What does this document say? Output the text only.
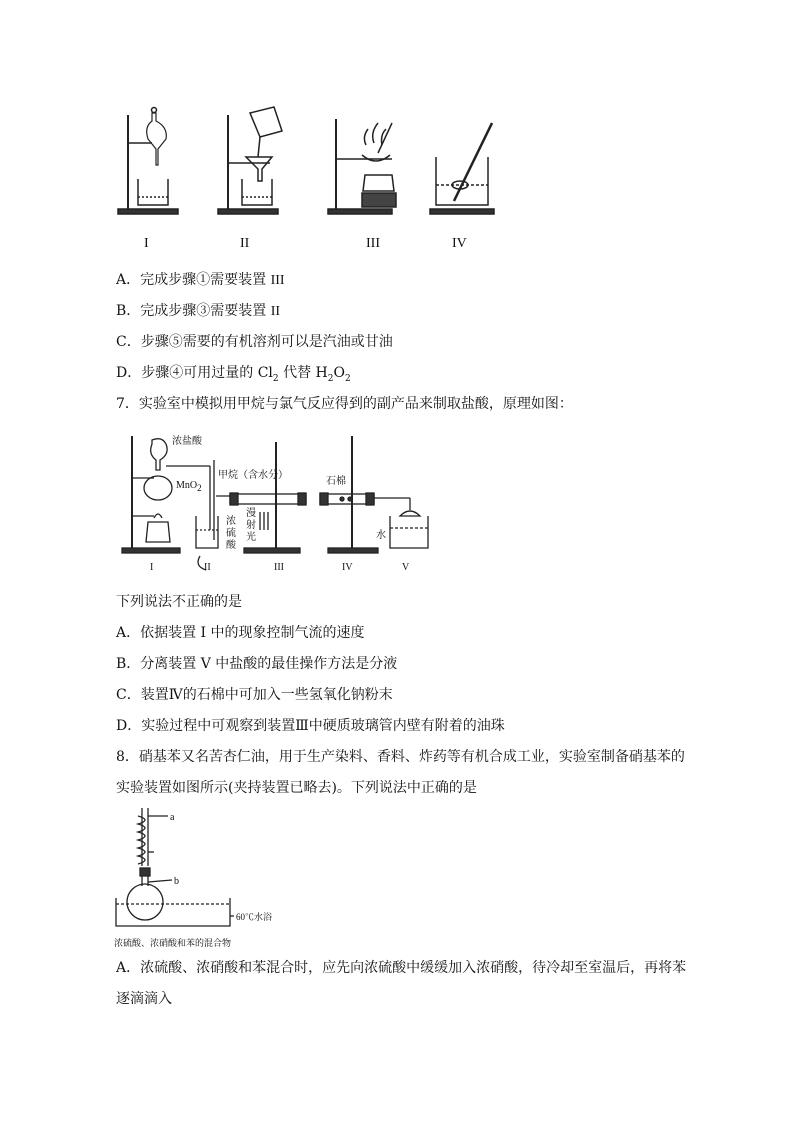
I	II	III	IV
A．完成步骤①需要装置 III
B．完成步骤③需要装置 II
C．步骤⑤需要的有机溶剂可以是汽油或甘油
D．步骤④可用过量的 $Cl_2$ 代替 $H_2O_2$
7．实验室中模拟用甲烷与氯气反应得到的副产品来制取盐酸，原理如图：
浓盐酸
MnO2
甲烷（含水分）
石棉
浓
硫
酸
漫
射
光	水
I	II	III	IV	V
下列说法不正确的是
A．依据装置 I 中的现象控制气流的速度
B．分离装置 V 中盐酸的最佳操作方法是分液
C．装置Ⅳ的石棉中可加入一些氢氧化钠粉末
D．实验过程中可观察到装置Ⅲ中硬质玻璃管内壁有附着的油珠
8．硝基苯又名苦杏仁油，用于生产染料、香料、炸药等有机合成工业，实验室制备硝基苯的
实验装置如图所示(夹持装置已略去)。下列说法中正确的是
a
b
60℃水浴
浓硫酸、浓硝酸和苯的混合物
A．浓硫酸、浓硝酸和苯混合时，应先向浓硫酸中缓缓加入浓硝酸，待冷却至室温后，再将苯
逐滴滴入
